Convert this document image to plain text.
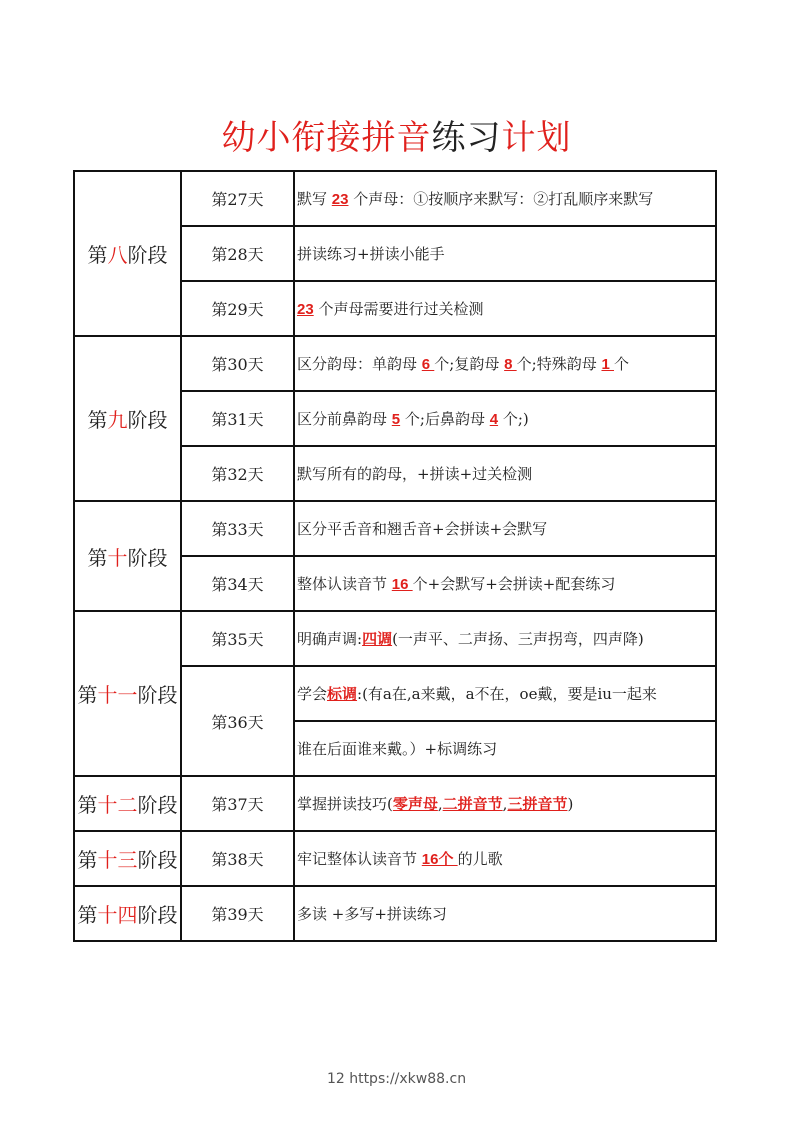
幼小衔接拼音练习计划
第八阶段	第27天	默写 23 个声母：①按顺序来默写：②打乱顺序来默写
	第28天	拼读练习+拼读小能手
	第29天	23 个声母需要进行过关检测
第九阶段	第30天	区分韵母：单韵母 6 个;复韵母 8 个;特殊韵母 1 个
	第31天	区分前鼻韵母 5 个;后鼻韵母 4 个;)
	第32天	默写所有的韵母，+拼读+过关检测
第十阶段	第33天	区分平舌音和翘舌音+会拼读+会默写
	第34天	整体认读音节 16 个+会默写+会拼读+配套练习
第十一阶段	第35天	明确声调:四调(一声平、二声扬、三声拐弯，四声降)
	第36天	学会标调:(有a在,a来戴，a不在，oe戴，要是iu一起来
		谁在后面谁来戴。）+标调练习
第十二阶段	第37天	掌握拼读技巧(零声母,二拼音节,三拼音节)
第十三阶段	第38天	牢记整体认读音节 16个 的儿歌
第十四阶段	第39天	多读 +多写+拼读练习
12 https://xkw88.cn
